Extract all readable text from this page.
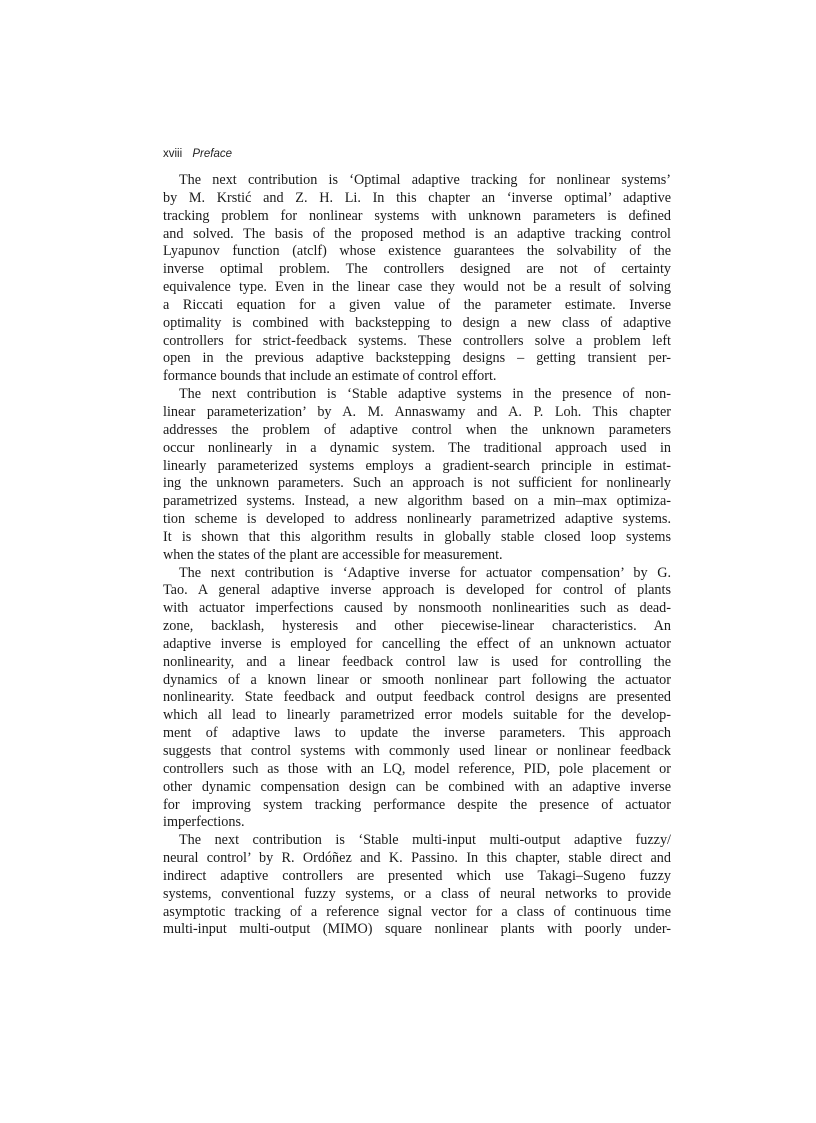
xviii Preface
The next contribution is ‘Optimal adaptive tracking for nonlinear systems’
by M. Krstić and Z. H. Li. In this chapter an ‘inverse optimal’ adaptive
tracking problem for nonlinear systems with unknown parameters is defined
and solved. The basis of the proposed method is an adaptive tracking control
Lyapunov function (atclf) whose existence guarantees the solvability of the
inverse optimal problem. The controllers designed are not of certainty
equivalence type. Even in the linear case they would not be a result of solving
a Riccati equation for a given value of the parameter estimate. Inverse
optimality is combined with backstepping to design a new class of adaptive
controllers for strict-feedback systems. These controllers solve a problem left
open in the previous adaptive backstepping designs – getting transient per-
formance bounds that include an estimate of control effort.
The next contribution is ‘Stable adaptive systems in the presence of non-
linear parameterization’ by A. M. Annaswamy and A. P. Loh. This chapter
addresses the problem of adaptive control when the unknown parameters
occur nonlinearly in a dynamic system. The traditional approach used in
linearly parameterized systems employs a gradient-search principle in estimat-
ing the unknown parameters. Such an approach is not sufficient for nonlinearly
parametrized systems. Instead, a new algorithm based on a min–max optimiza-
tion scheme is developed to address nonlinearly parametrized adaptive systems.
It is shown that this algorithm results in globally stable closed loop systems
when the states of the plant are accessible for measurement.
The next contribution is ‘Adaptive inverse for actuator compensation’ by G.
Tao. A general adaptive inverse approach is developed for control of plants
with actuator imperfections caused by nonsmooth nonlinearities such as dead-
zone, backlash, hysteresis and other piecewise-linear characteristics. An
adaptive inverse is employed for cancelling the effect of an unknown actuator
nonlinearity, and a linear feedback control law is used for controlling the
dynamics of a known linear or smooth nonlinear part following the actuator
nonlinearity. State feedback and output feedback control designs are presented
which all lead to linearly parametrized error models suitable for the develop-
ment of adaptive laws to update the inverse parameters. This approach
suggests that control systems with commonly used linear or nonlinear feedback
controllers such as those with an LQ, model reference, PID, pole placement or
other dynamic compensation design can be combined with an adaptive inverse
for improving system tracking performance despite the presence of actuator
imperfections.
The next contribution is ‘Stable multi-input multi-output adaptive fuzzy/
neural control’ by R. Ordóñez and K. Passino. In this chapter, stable direct and
indirect adaptive controllers are presented which use Takagi–Sugeno fuzzy
systems, conventional fuzzy systems, or a class of neural networks to provide
asymptotic tracking of a reference signal vector for a class of continuous time
multi-input multi-output (MIMO) square nonlinear plants with poorly under-
